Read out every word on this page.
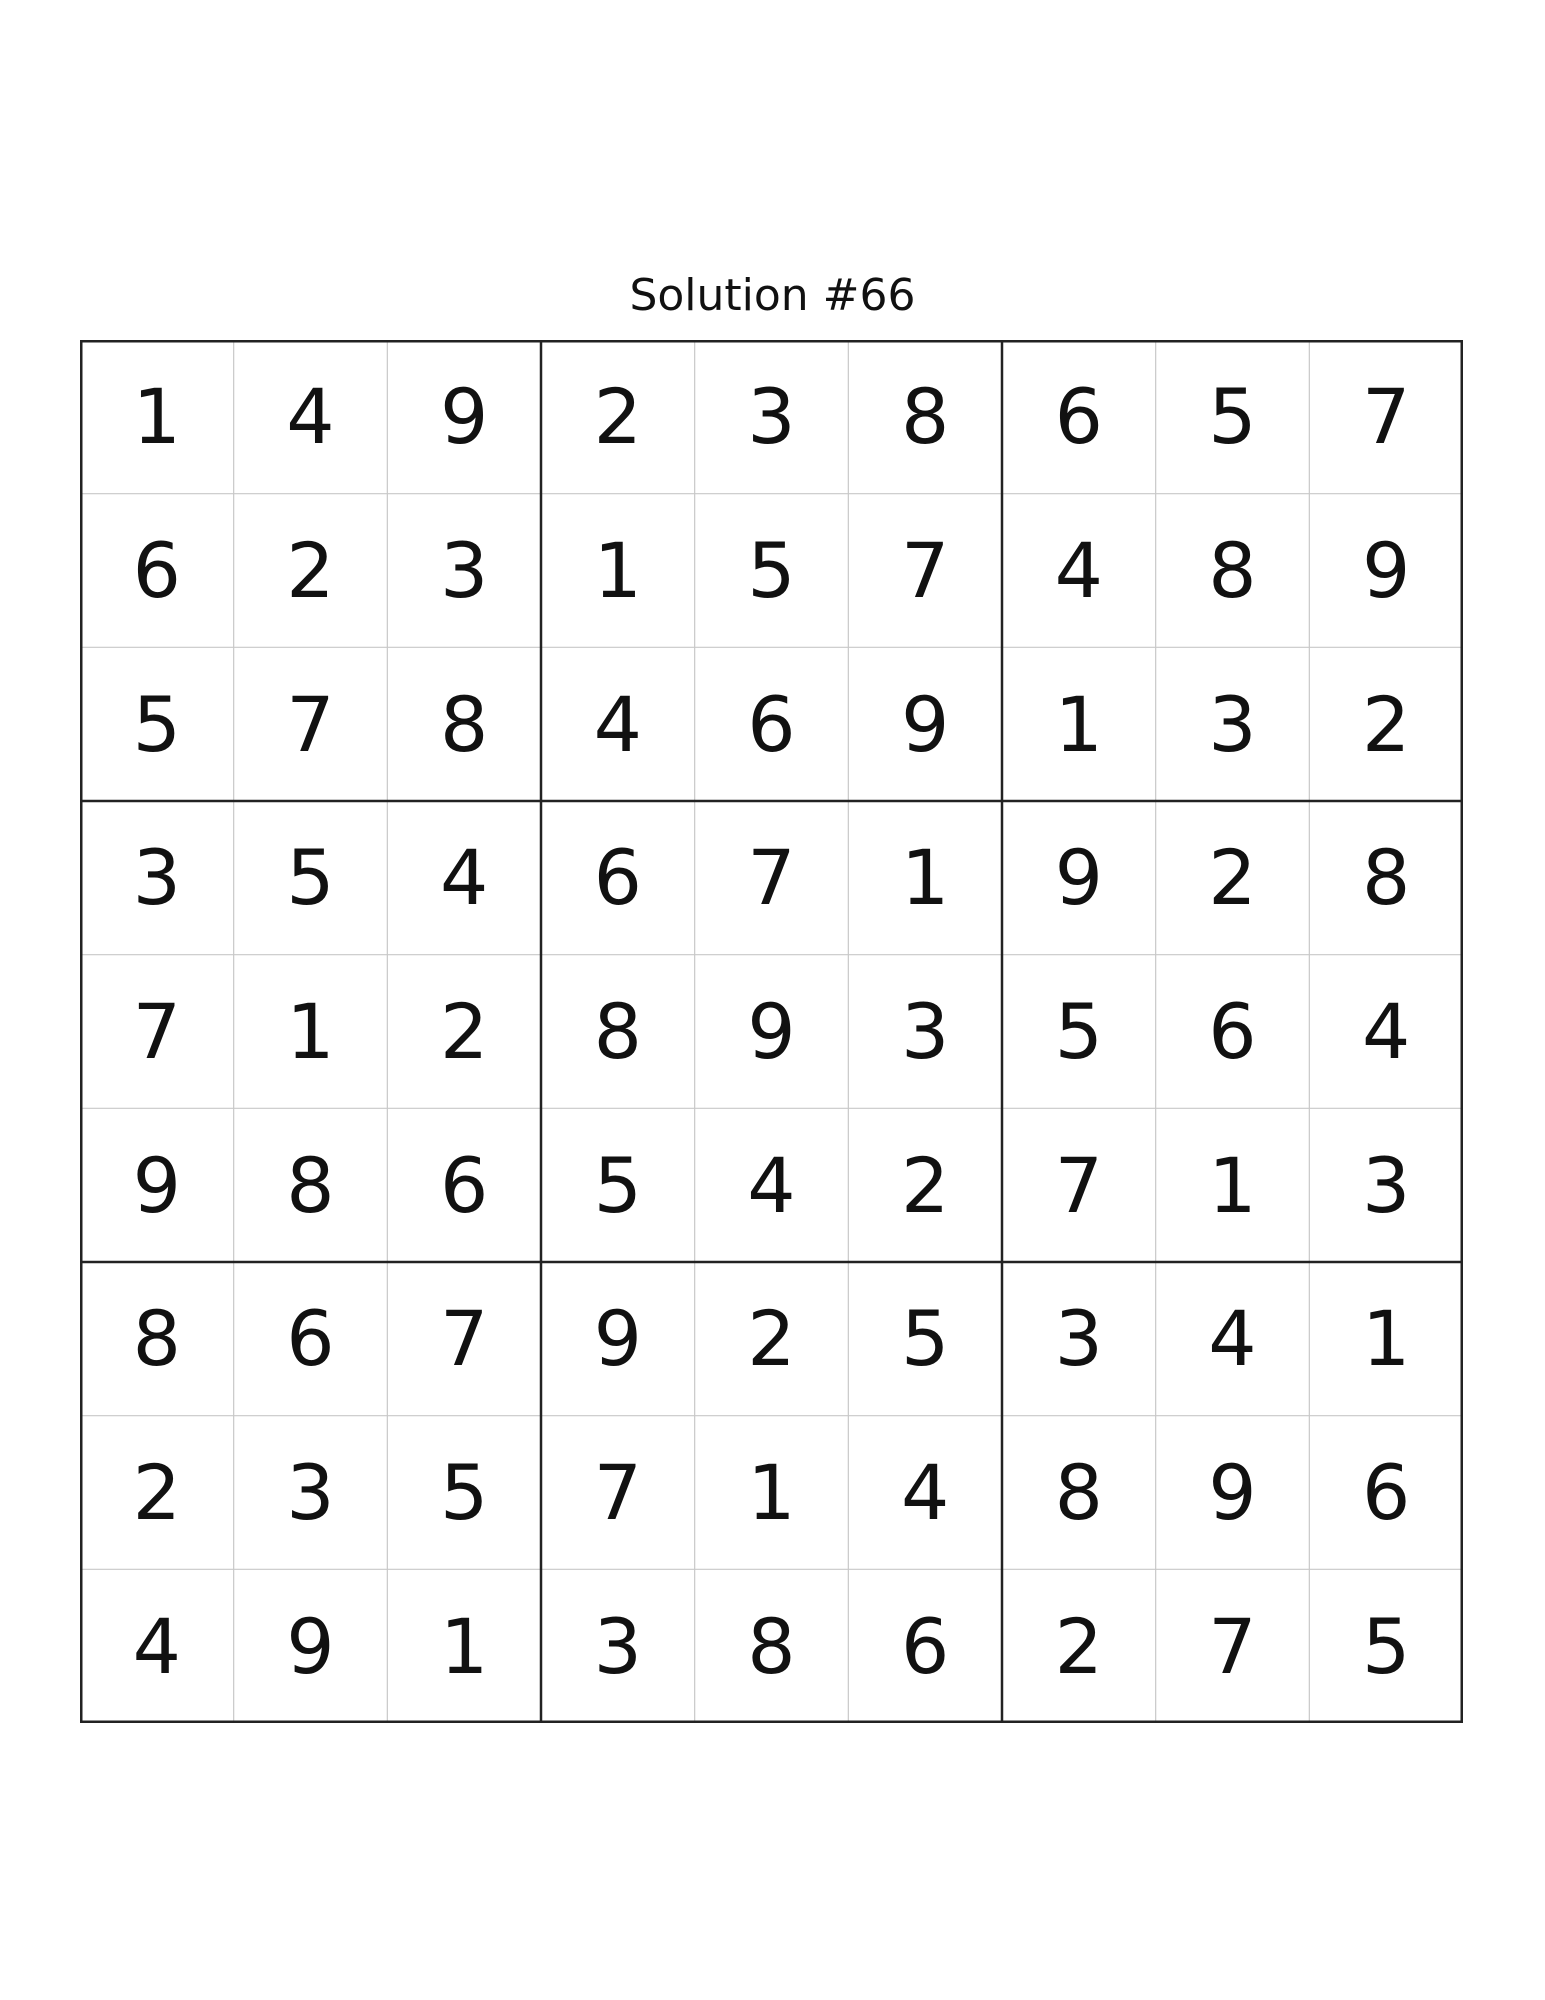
Solution #66
1	4	9	2	3	8	6	5	7
6	2	3	1	5	7	4	8	9
5	7	8	4	6	9	1	3	2
3	5	4	6	7	1	9	2	8
7	1	2	8	9	3	5	6	4
9	8	6	5	4	2	7	1	3
8	6	7	9	2	5	3	4	1
2	3	5	7	1	4	8	9	6
4	9	1	3	8	6	2	7	5
